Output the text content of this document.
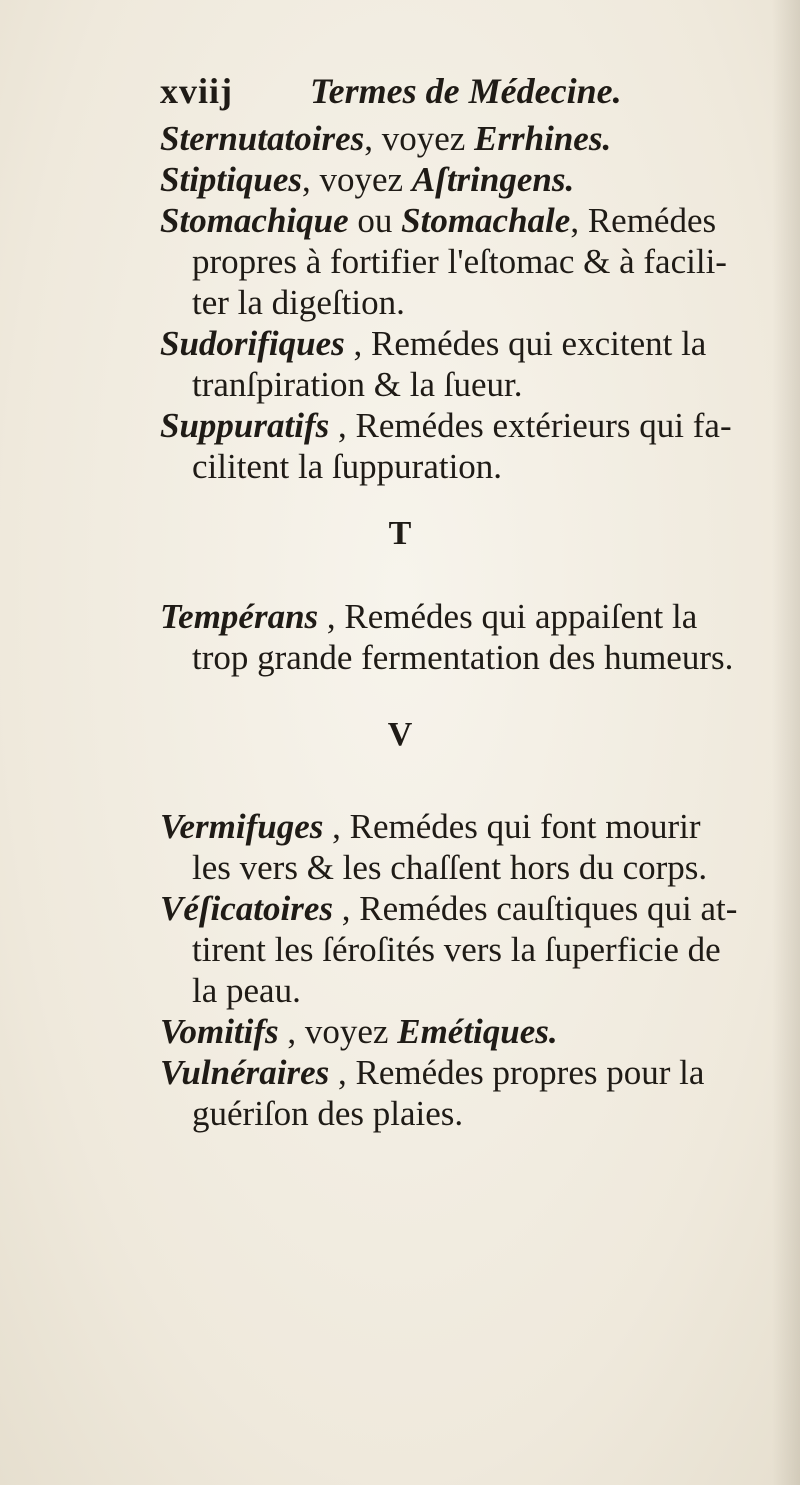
xviij Termes de Médecine.
Sternutatoires, voyez Errhines.
Stiptiques, voyez Aſtringens.
Stomachique ou Stomachale, Remédes
propres à fortifier l'eſtomac & à facili-
ter la digeſtion.
Sudorifiques , Remédes qui excitent la
tranſpiration & la ſueur.
Suppuratifs , Remédes extérieurs qui fa-
cilitent la ſuppuration.
T
Tempérans , Remédes qui appaiſent la
trop grande fermentation des humeurs.
V
Vermifuges , Remédes qui font mourir
les vers & les chaſſent hors du corps.
Véſicatoires , Remédes cauſtiques qui at-
tirent les ſéroſités vers la ſuperficie de
la peau.
Vomitifs , voyez Emétiques.
Vulnéraires , Remédes propres pour la
guériſon des plaies.
